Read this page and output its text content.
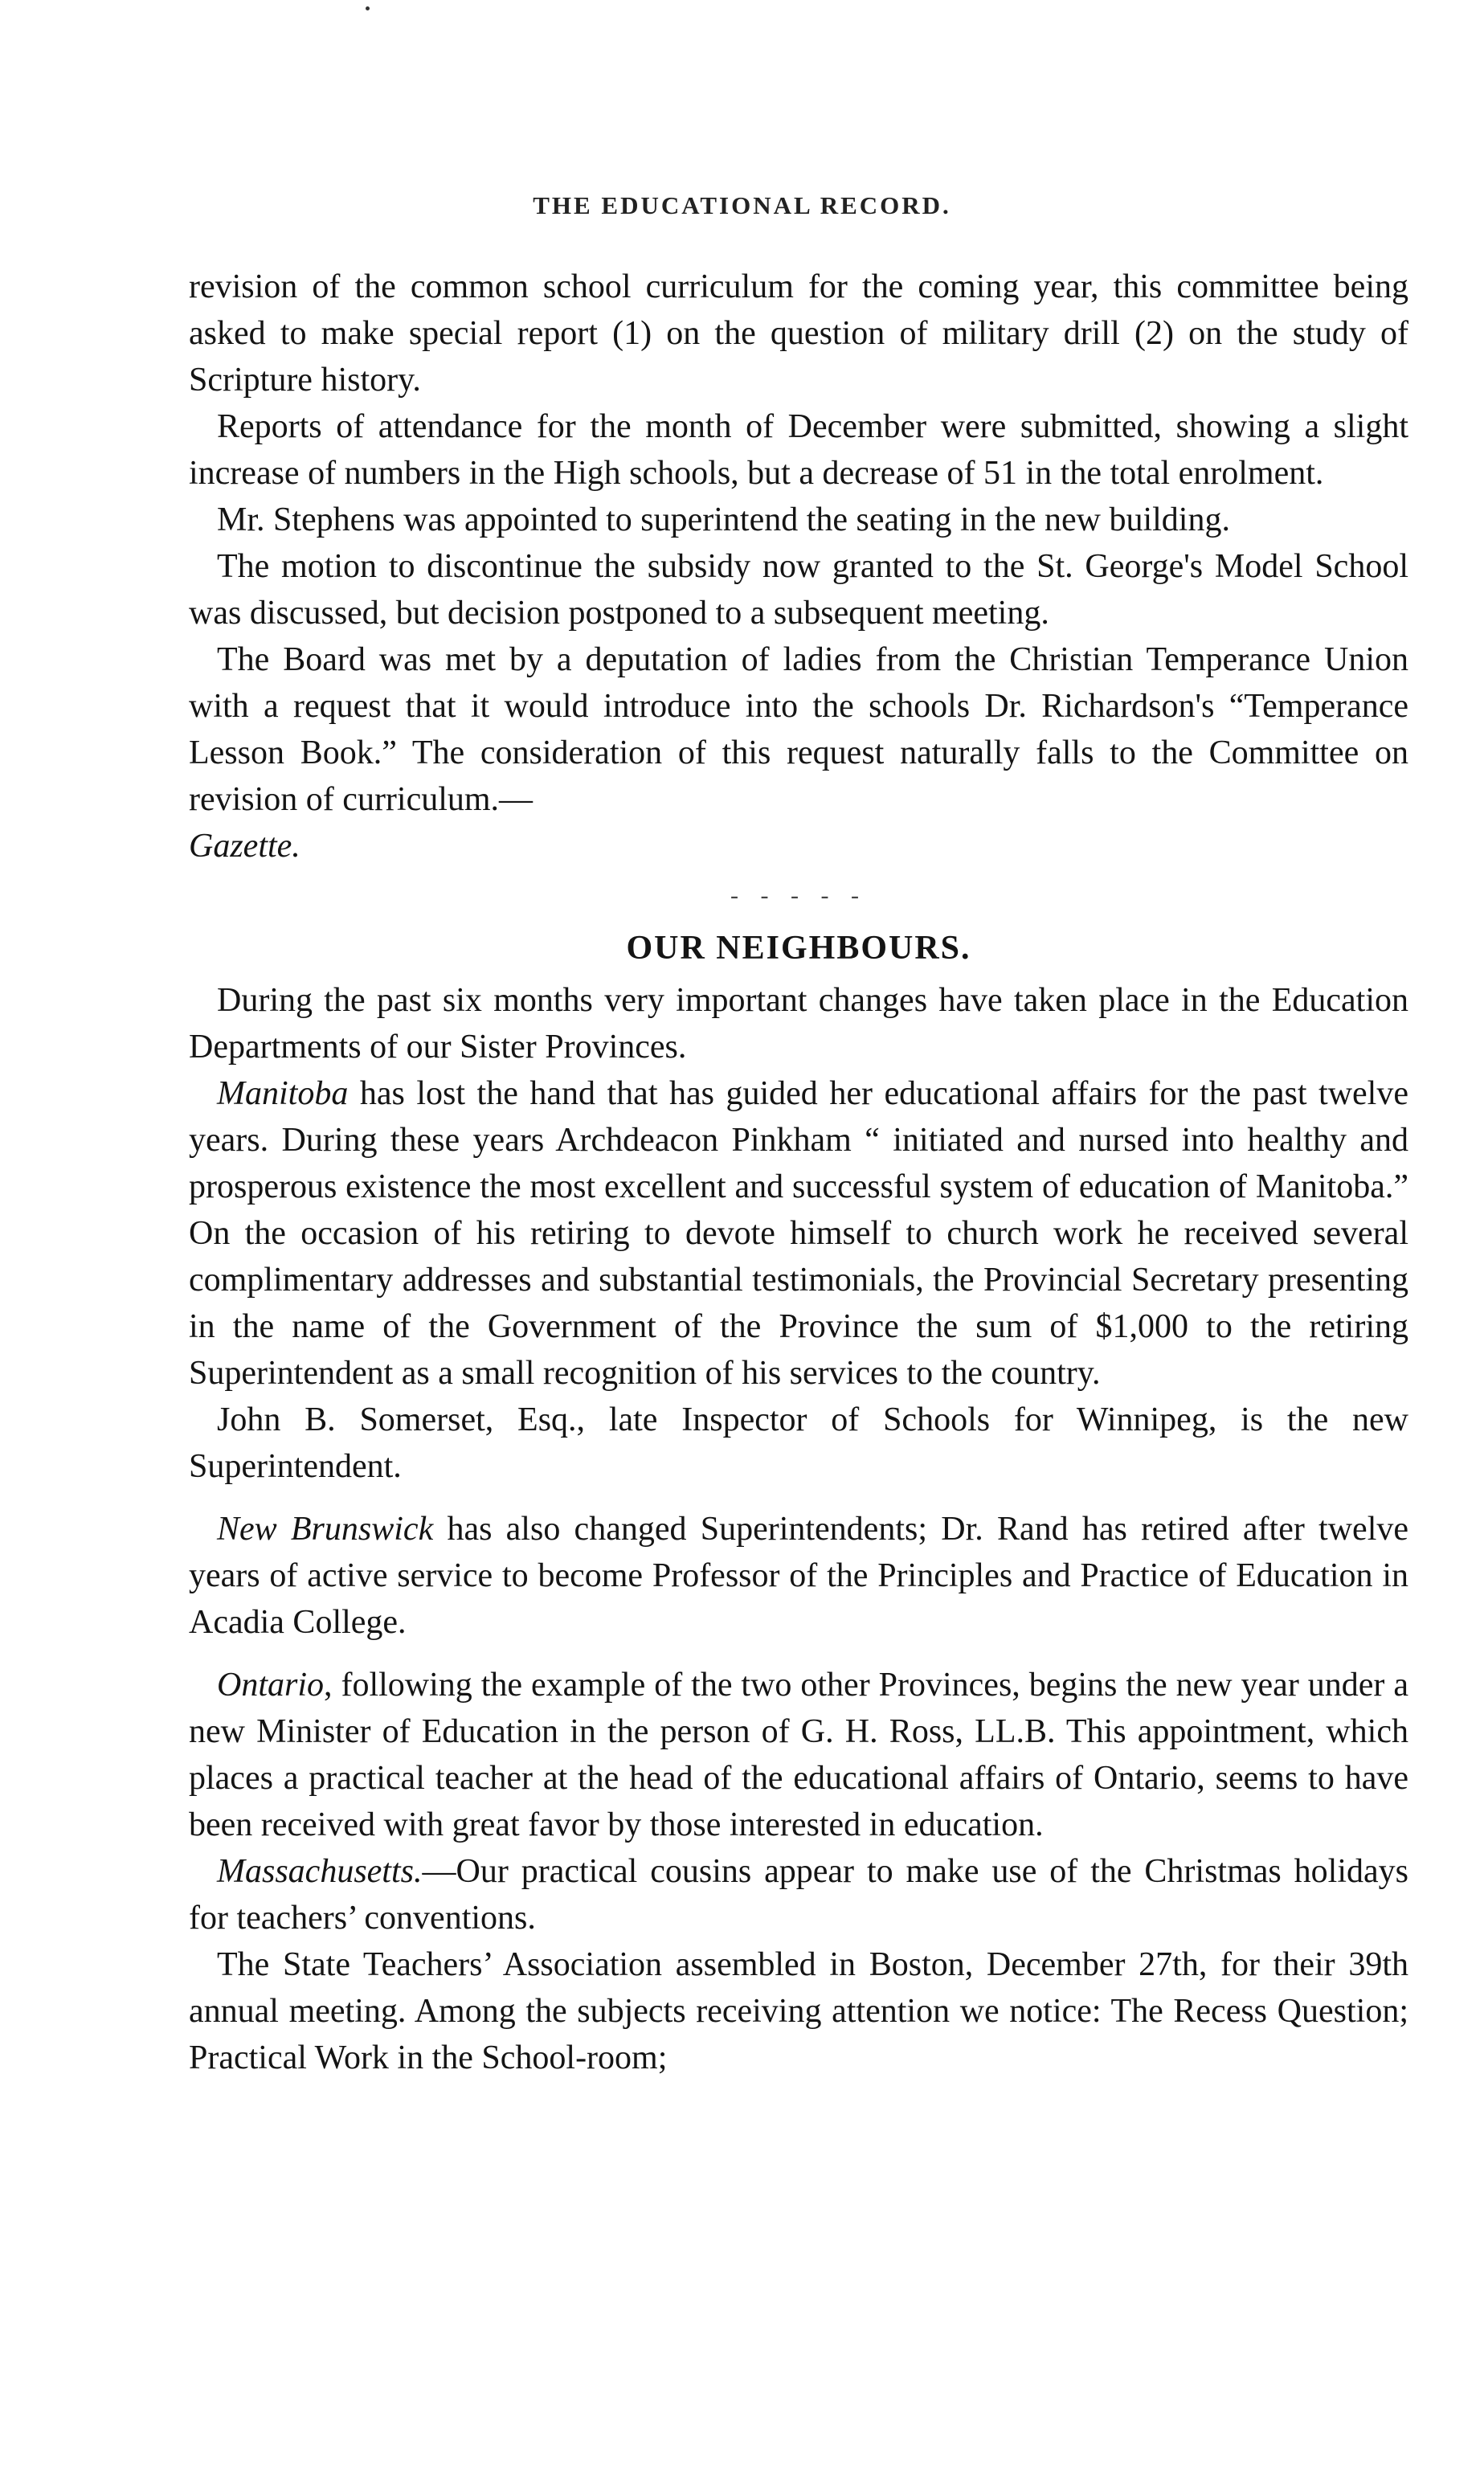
THE EDUCATIONAL RECORD.

revision of the common school curriculum for the coming year, this committee being asked to make special report (1) on the question of military drill (2) on the study of Scripture history.

Reports of attendance for the month of December were submitted, showing a slight increase of numbers in the High schools, but a decrease of 51 in the total enrolment.

Mr. Stephens was appointed to superintend the seating in the new building.

The motion to discontinue the subsidy now granted to the St. George's Model School was discussed, but decision postponed to a subsequent meeting.

The Board was met by a deputation of ladies from the Christian Temperance Union with a request that it would introduce into the schools Dr. Richardson's “Temperance Lesson Book.” The consideration of this request naturally falls to the Committee on revision of curriculum.—
Gazette.

- - - - -
OUR NEIGHBOURS.

During the past six months very important changes have taken place in the Education Departments of our Sister Provinces.

Manitoba has lost the hand that has guided her educational affairs for the past twelve years. During these years Archdeacon Pinkham “ initiated and nursed into healthy and prosperous existence the most excellent and successful system of education of Manitoba.” On the occasion of his retiring to devote himself to church work he received several complimentary addresses and substantial testimonials, the Provincial Secretary presenting in the name of the Government of the Province the sum of $1,000 to the retiring Superintendent as a small recognition of his services to the country.

John B. Somerset, Esq., late Inspector of Schools for Winnipeg, is the new Superintendent.

New Brunswick has also changed Superintendents; Dr. Rand has retired after twelve years of active service to become Professor of the Principles and Practice of Education in Acadia College.

Ontario, following the example of the two other Provinces, begins the new year under a new Minister of Education in the person of G. H. Ross, LL.B. This appointment, which places a practical teacher at the head of the educational affairs of Ontario, seems to have been received with great favor by those interested in education.

Massachusetts.—Our practical cousins appear to make use of the Christmas holidays for teachers’ conventions.

The State Teachers’ Association assembled in Boston, December 27th, for their 39th annual meeting. Among the subjects receiving attention we notice: The Recess Question; Practical Work in the School-room;
